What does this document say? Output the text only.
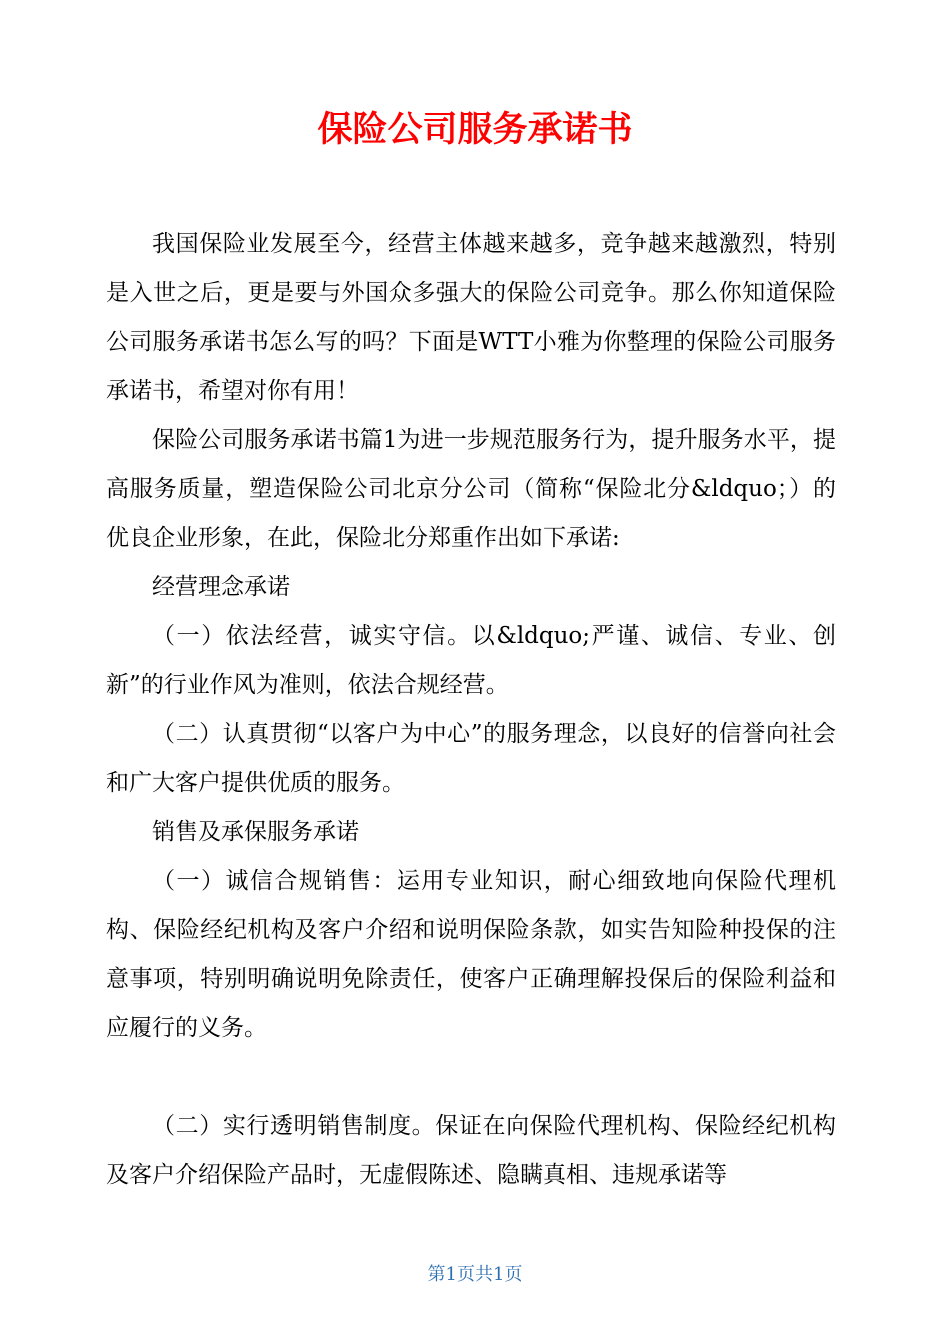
保险公司服务承诺书

我国保险业发展至今，经营主体越来越多，竞争越来越激烈，特别是入世之后，更是要与外国众多强大的保险公司竞争。那么你知道保险公司服务承诺书怎么写的吗？下面是WTT小雅为你整理的保险公司服务承诺书，希望对你有用！

保险公司服务承诺书篇1为进一步规范服务行为，提升服务水平，提高服务质量，塑造保险公司北京分公司（简称“保险北分&ldquo；）的优良企业形象，在此，保险北分郑重作出如下承诺:

经营理念承诺

（一）依法经营，诚实守信。以&ldquo;严谨、诚信、专业、创新”的行业作风为准则，依法合规经营。

（二）认真贯彻“以客户为中心”的服务理念，以良好的信誉向社会和广大客户提供优质的服务。

销售及承保服务承诺

（一）诚信合规销售：运用专业知识，耐心细致地向保险代理机构、保险经纪机构及客户介绍和说明保险条款，如实告知险种投保的注意事项，特别明确说明免除责任，使客户正确理解投保后的保险利益和应履行的义务。

（二）实行透明销售制度。保证在向保险代理机构、保险经纪机构及客户介绍保险产品时，无虚假陈述、隐瞒真相、违规承诺等

第1页共1页
